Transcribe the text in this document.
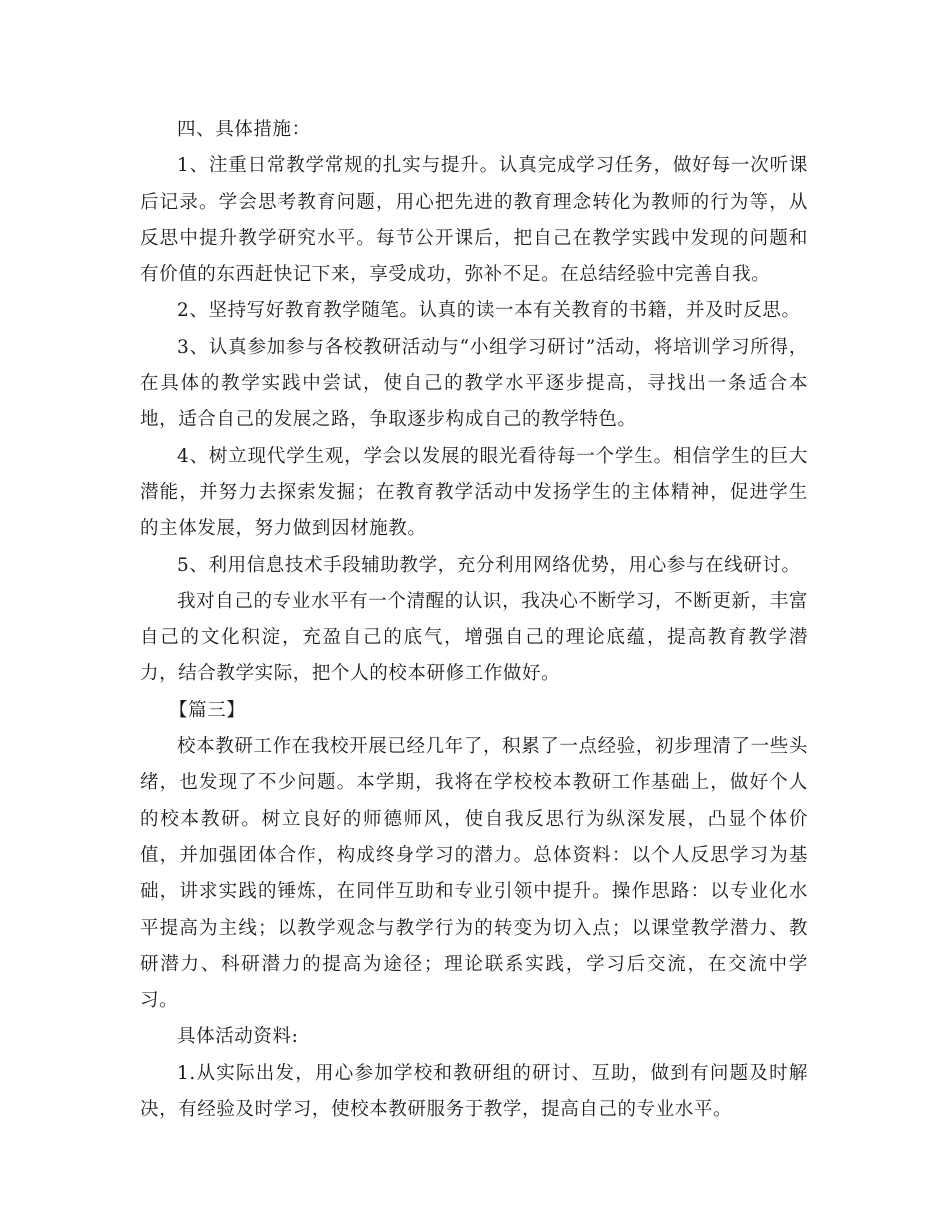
四、具体措施：

1、注重日常教学常规的扎实与提升。认真完成学习任务，做好每一次听课后记录。学会思考教育问题，用心把先进的教育理念转化为教师的行为等，从反思中提升教学研究水平。每节公开课后，把自己在教学实践中发现的问题和有价值的东西赶快记下来，享受成功，弥补不足。在总结经验中完善自我。

2、坚持写好教育教学随笔。认真的读一本有关教育的书籍，并及时反思。

3、认真参加参与各校教研活动与“小组学习研讨”活动，将培训学习所得，在具体的教学实践中尝试，使自己的教学水平逐步提高，寻找出一条适合本地，适合自己的发展之路，争取逐步构成自己的教学特色。

4、树立现代学生观，学会以发展的眼光看待每一个学生。相信学生的巨大潜能，并努力去探索发掘；在教育教学活动中发扬学生的主体精神，促进学生的主体发展，努力做到因材施教。

5、利用信息技术手段辅助教学，充分利用网络优势，用心参与在线研讨。

我对自己的专业水平有一个清醒的认识，我决心不断学习，不断更新，丰富自己的文化积淀，充盈自己的底气，增强自己的理论底蕴，提高教育教学潜力，结合教学实际，把个人的校本研修工作做好。

【篇三】

校本教研工作在我校开展已经几年了，积累了一点经验，初步理清了一些头绪，也发现了不少问题。本学期，我将在学校校本教研工作基础上，做好个人的校本教研。树立良好的师德师风，使自我反思行为纵深发展，凸显个体价值，并加强团体合作，构成终身学习的潜力。总体资料：以个人反思学习为基础，讲求实践的锤炼，在同伴互助和专业引领中提升。操作思路：以专业化水平提高为主线；以教学观念与教学行为的转变为切入点；以课堂教学潜力、教研潜力、科研潜力的提高为途径；理论联系实践，学习后交流，在交流中学习。

具体活动资料:

1.从实际出发，用心参加学校和教研组的研讨、互助，做到有问题及时解决，有经验及时学习，使校本教研服务于教学，提高自己的专业水平。
